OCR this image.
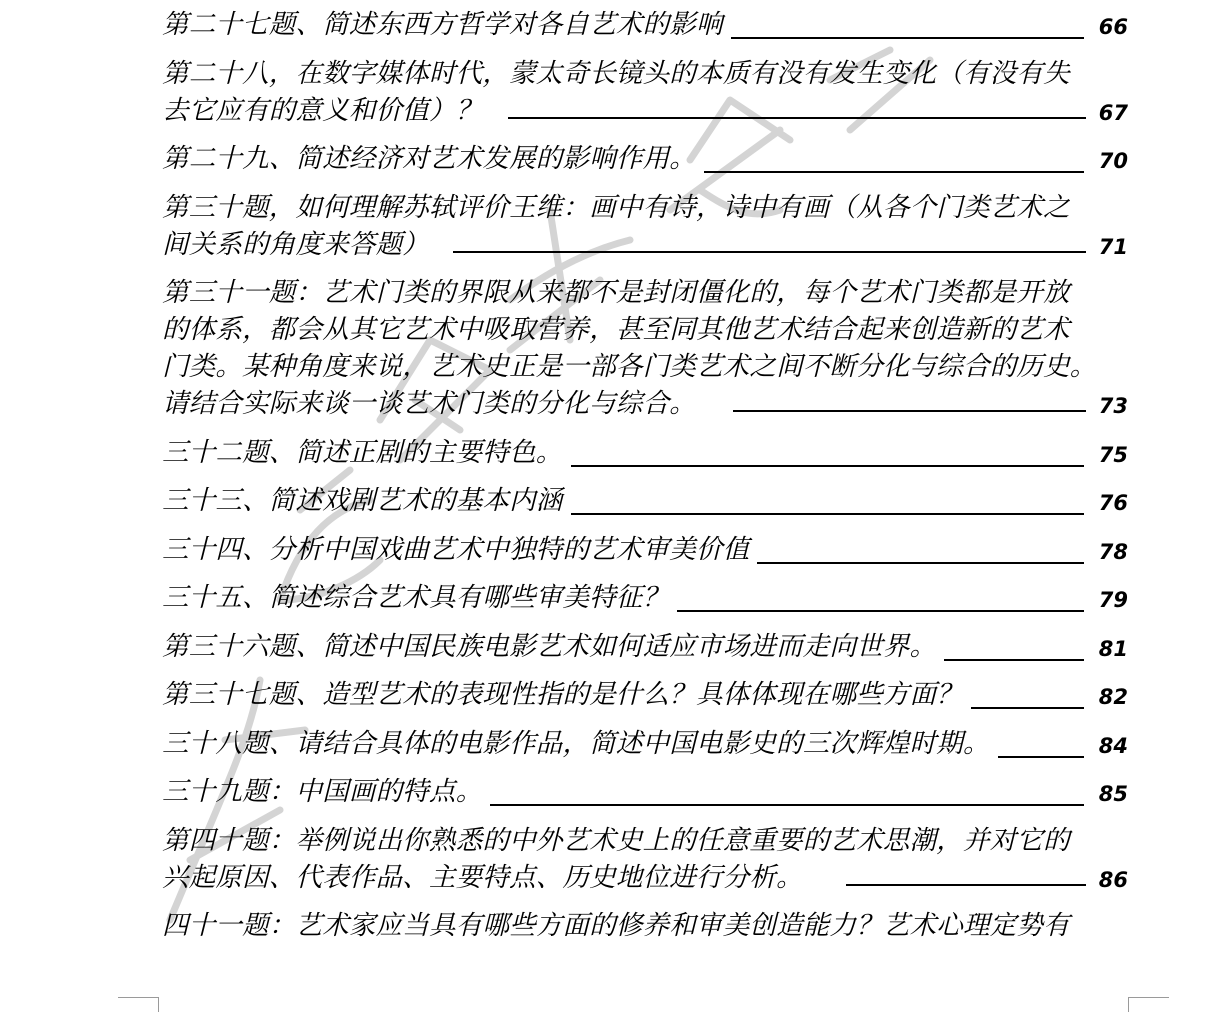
第二十七题、简述东西方哲学对各自艺术的影响	66
第二十八，在数字媒体时代，蒙太奇长镜头的本质有没有发生变化（有没有失
去它应有的意义和价值）？	67
第二十九、简述经济对艺术发展的影响作用。	70
第三十题，如何理解苏轼评价王维：画中有诗，诗中有画（从各个门类艺术之
间关系的角度来答题）	71
第三十一题：艺术门类的界限从来都不是封闭僵化的，每个艺术门类都是开放
的体系，都会从其它艺术中吸取营养，甚至同其他艺术结合起来创造新的艺术
门类。某种角度来说，艺术史正是一部各门类艺术之间不断分化与综合的历史。
请结合实际来谈一谈艺术门类的分化与综合。	73
三十二题、简述正剧的主要特色。	75
三十三、简述戏剧艺术的基本内涵	76
三十四、分析中国戏曲艺术中独特的艺术审美价值	78
三十五、简述综合艺术具有哪些审美特征？	79
第三十六题、简述中国民族电影艺术如何适应市场进而走向世界。	81
第三十七题、造型艺术的表现性指的是什么？具体体现在哪些方面？	82
三十八题、请结合具体的电影作品，简述中国电影史的三次辉煌时期。	84
三十九题：中国画的特点。	85
第四十题：举例说出你熟悉的中外艺术史上的任意重要的艺术思潮，并对它的
兴起原因、代表作品、主要特点、历史地位进行分析。	86
四十一题：艺术家应当具有哪些方面的修养和审美创造能力？艺术心理定势有
